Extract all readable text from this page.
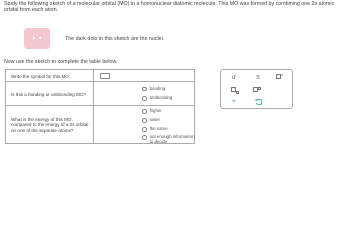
Study the following sketch of a molecular orbital (MO) in a homonuclear diatomic molecule. This MO was formed by combining one 2s atomic orbital from each atom.
The dark dots in this sketch are the nuclei.
Now use the sketch to complete the table below.
Write the symbol for this MO.
Is this a bonding or antibonding MO?
bonding
antibonding
What is the energy of this MO, compared to the energy of a 2s orbital on one of the separate atoms?
higher
lower
the same
not enough information to decide
σ	π	*
×
